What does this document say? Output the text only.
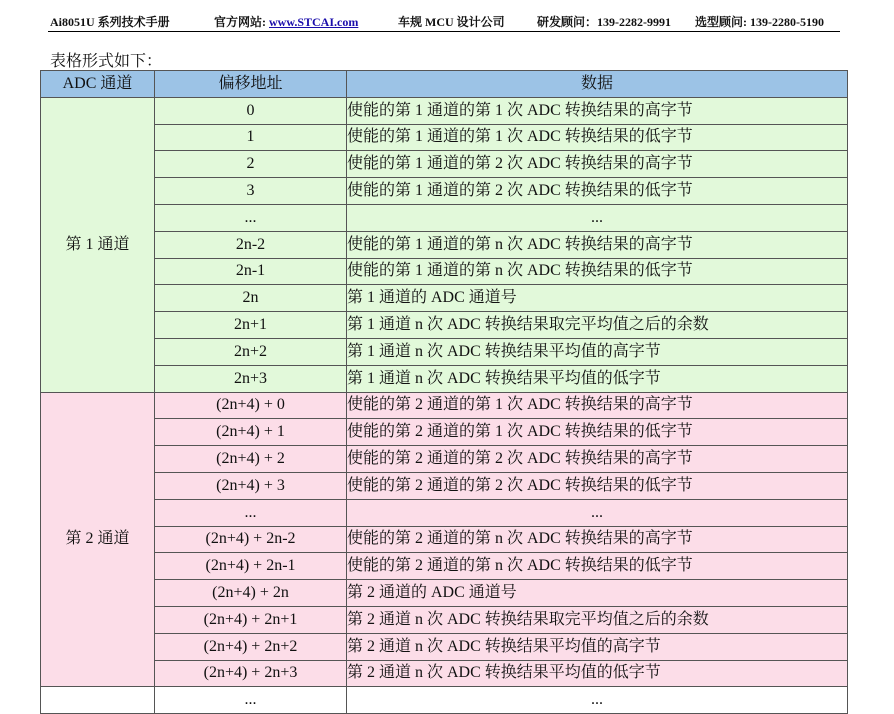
Ai8051U 系列技术手册	官方网站: www.STCAI.com	车规 MCU 设计公司	研发顾问：139-2282-9991 选型顾问: 139-2280-5190
表格形式如下：
ADC 通道	偏移地址	数据
第 1 通道	0	使能的第 1 通道的第 1 次 ADC 转换结果的高字节
	1	使能的第 1 通道的第 1 次 ADC 转换结果的低字节
	2	使能的第 1 通道的第 2 次 ADC 转换结果的高字节
	3	使能的第 1 通道的第 2 次 ADC 转换结果的低字节
	...	...
	2n-2	使能的第 1 通道的第 n 次 ADC 转换结果的高字节
	2n-1	使能的第 1 通道的第 n 次 ADC 转换结果的低字节
	2n	第 1 通道的 ADC 通道号
	2n+1	第 1 通道 n 次 ADC 转换结果取完平均值之后的余数
	2n+2	第 1 通道 n 次 ADC 转换结果平均值的高字节
	2n+3	第 1 通道 n 次 ADC 转换结果平均值的低字节
第 2 通道	(2n+4) + 0	使能的第 2 通道的第 1 次 ADC 转换结果的高字节
	(2n+4) + 1	使能的第 2 通道的第 1 次 ADC 转换结果的低字节
	(2n+4) + 2	使能的第 2 通道的第 2 次 ADC 转换结果的高字节
	(2n+4) + 3	使能的第 2 通道的第 2 次 ADC 转换结果的低字节
	...	...
	(2n+4) + 2n-2	使能的第 2 通道的第 n 次 ADC 转换结果的高字节
	(2n+4) + 2n-1	使能的第 2 通道的第 n 次 ADC 转换结果的低字节
	(2n+4) + 2n	第 2 通道的 ADC 通道号
	(2n+4) + 2n+1	第 2 通道 n 次 ADC 转换结果取完平均值之后的余数
	(2n+4) + 2n+2	第 2 通道 n 次 ADC 转换结果平均值的高字节
	(2n+4) + 2n+3	第 2 通道 n 次 ADC 转换结果平均值的低字节
	...	...
